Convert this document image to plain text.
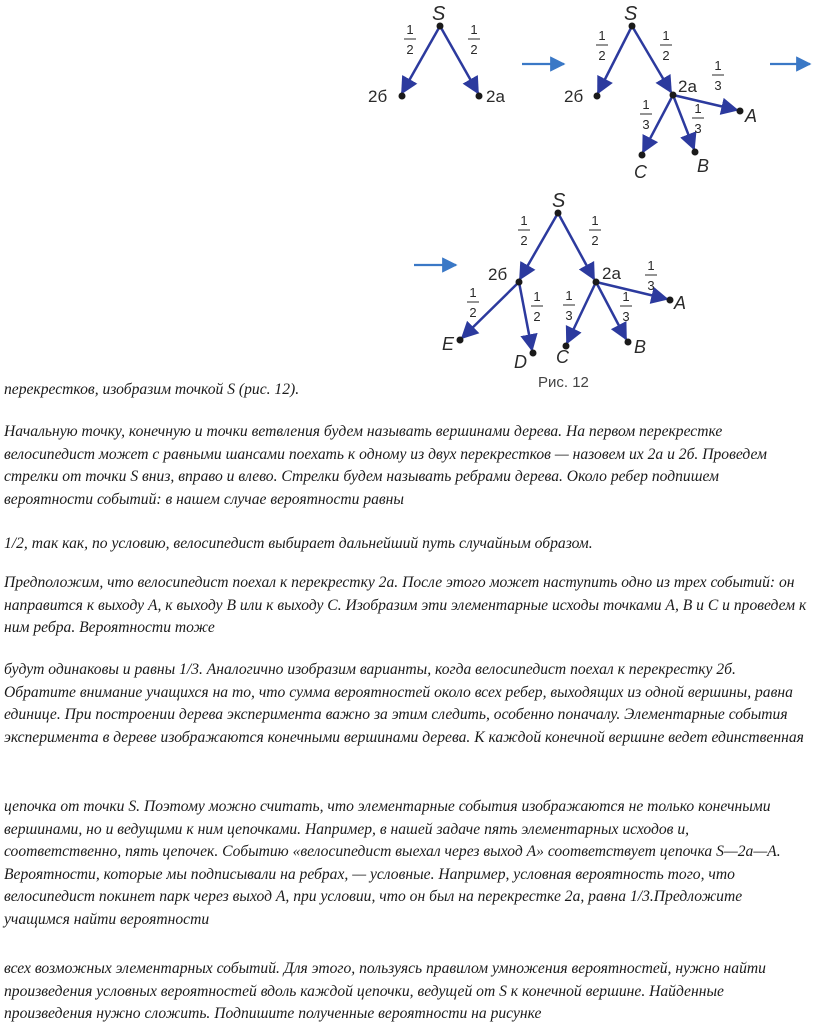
S
2б	2а
1
2
1
2
S
2б
2а
A
C	B
1
2
1
2
1
3
1
3
1
3
S
2б	2а
E
D C	B
A
1
2
1
2
1
2
1
2
1
3
1
3
1
3
Рис. 12

перекрестков, изобразим точкой S (рис. 12).

Начальную точку, конечную и точки ветвления будем называть вершинами дерева. На первом перекрестке велосипедист может с равными шансами поехать к одному из двух перекрестков — назовем их 2а и 2б. Проведем стрелки от точки S вниз, вправо и влево. Стрелки будем называть ребрами дерева. Около ребер подпишем вероятности событий: в нашем случае вероятности равны

1/2, так как, по условию, велосипедист выбирает дальнейший путь случайным образом.

Предположим, что велосипедист поехал к перекрестку 2а. После этого может наступить одно из трех событий: он направится к выходу А, к выходу В или к выходу С. Изобразим эти элементарные исходы точками А, В и С и проведем к ним ребра. Вероятности тоже

будут одинаковы и равны 1/3. Аналогично изобразим варианты, когда велосипедист поехал к перекрестку 2б. Обратите внимание учащихся на то, что сумма вероятностей около всех ребер, выходящих из одной вершины, равна единице. При построении дерева эксперимента важно за этим следить, особенно поначалу. Элементарные события эксперимента в дереве изображаются конечными вершинами дерева. К каждой конечной вершине ведет единственная

цепочка от точки S. Поэтому можно считать, что элементарные события изображаются не только конечными вершинами, но и ведущими к ним цепочками. Например, в нашей задаче пять элементарных исходов и, соответственно, пять цепочек. Событию «велосипедист выехал через выход А» соответствует цепочка S—2а—А. Вероятности, которые мы подписывали на ребрах, — условные. Например, условная вероятность того, что велосипедист покинет парк через выход А, при условии, что он был на перекрестке 2а, равна 1/3.Предложите учащимся найти вероятности

всех возможных элементарных событий. Для этого, пользуясь правилом умножения вероятностей, нужно найти произведения условных вероятностей вдоль каждой цепочки, ведущей от S к конечной вершине. Найденные произведения нужно сложить. Подпишите полученные вероятности на рисунке
